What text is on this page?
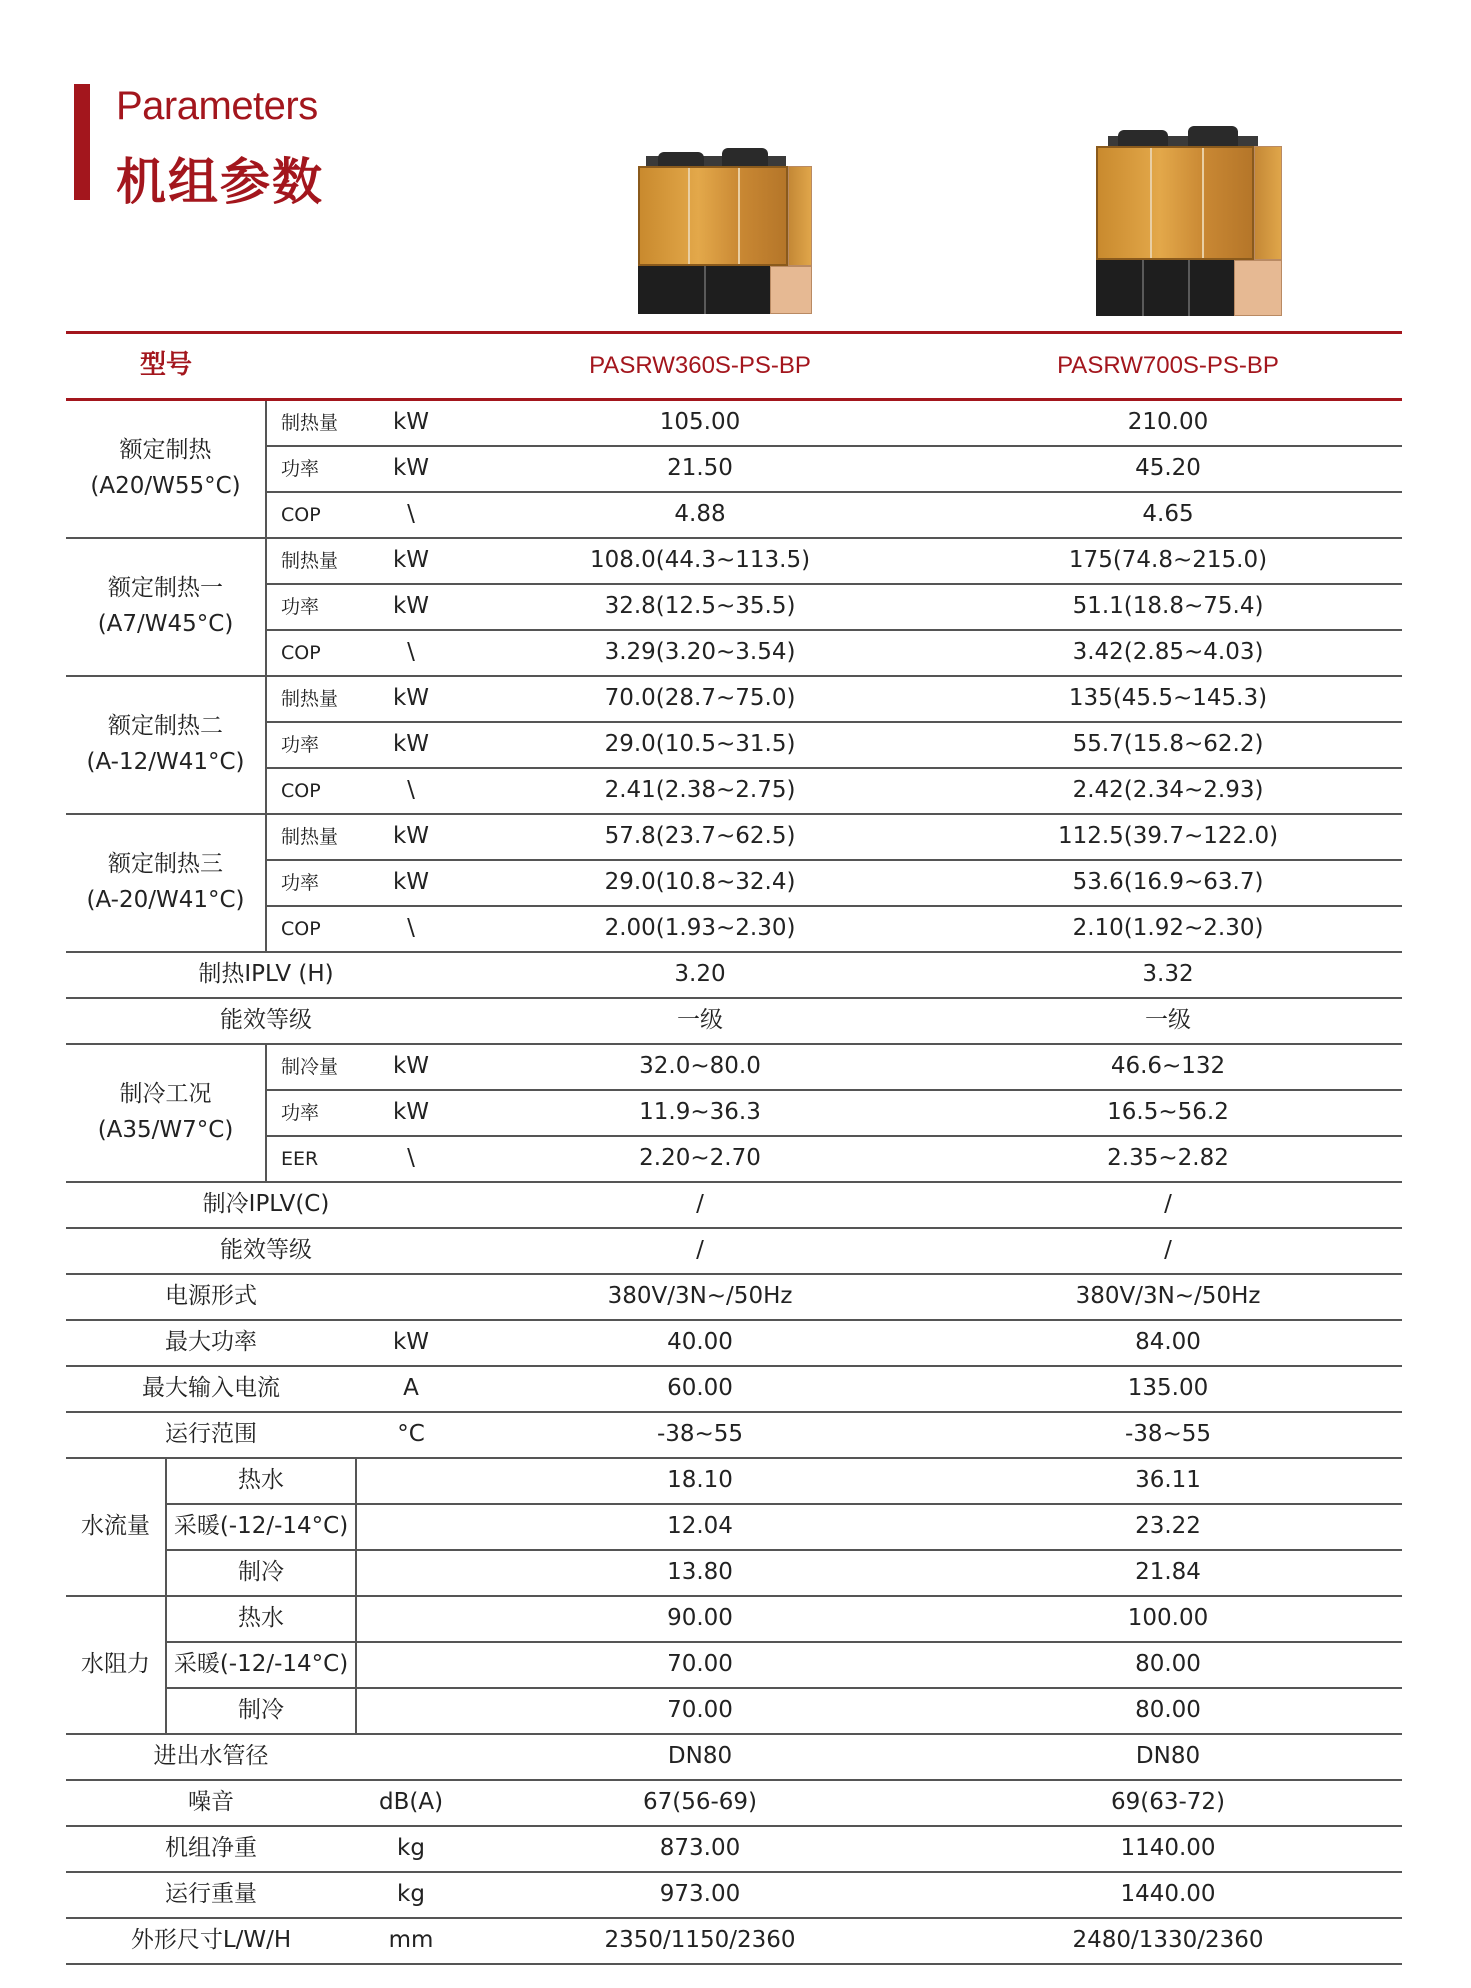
Parameters
机组参数
型号				PASRW360S-PS-BP	PASRW700S-PS-BP

额定制热
(A20/W55°C)		制热量	kW	105.00	210.00
		功率	kW	21.50	45.20
		COP	\	4.88	4.65

额定制热一
(A7/W45°C)		制热量	kW	108.0(44.3~113.5)	175(74.8~215.0)
		功率	kW	32.8(12.5~35.5)	51.1(18.8~75.4)
		COP	\	3.29(3.20~3.54)	3.42(2.85~4.03)

额定制热二
(A-12/W41°C)		制热量	kW	70.0(28.7~75.0)	135(45.5~145.3)
		功率	kW	29.0(10.5~31.5)	55.7(15.8~62.2)
		COP	\	2.41(2.38~2.75)	2.42(2.34~2.93)

额定制热三
(A-20/W41°C)		制热量	kW	57.8(23.7~62.5)	112.5(39.7~122.0)
		功率	kW	29.0(10.8~32.4)	53.6(16.9~63.7)
		COP	\	2.00(1.93~2.30)	2.10(1.92~2.30)
制热IPLV (H)				3.20	3.32
能效等级				一级	一级

制冷工况
(A35/W7°C)		制冷量	kW	32.0~80.0	46.6~132
		功率	kW	11.9~36.3	16.5~56.2
		EER	\	2.20~2.70	2.35~2.82
制冷IPLV(C)				/	/
能效等级				/	/
电源形式				380V/3N~/50Hz	380V/3N~/50Hz
最大功率			kW	40.00	84.00
最大输入电流			A	60.00	135.00
运行范围			°C	-38~55	-38~55
水流量	热水			18.10	36.11
	采暖(-12/-14°C)			12.04	23.22
	制冷			13.80	21.84
水阻力	热水			90.00	100.00
	采暖(-12/-14°C)			70.00	80.00
	制冷			70.00	80.00
进出水管径				DN80	DN80
噪音			dB(A)	67(56-69)	69(63-72)
机组净重			kg	873.00	1140.00
运行重量			kg	973.00	1440.00
外形尺寸L/W/H			mm	2350/1150/2360	2480/1330/2360
